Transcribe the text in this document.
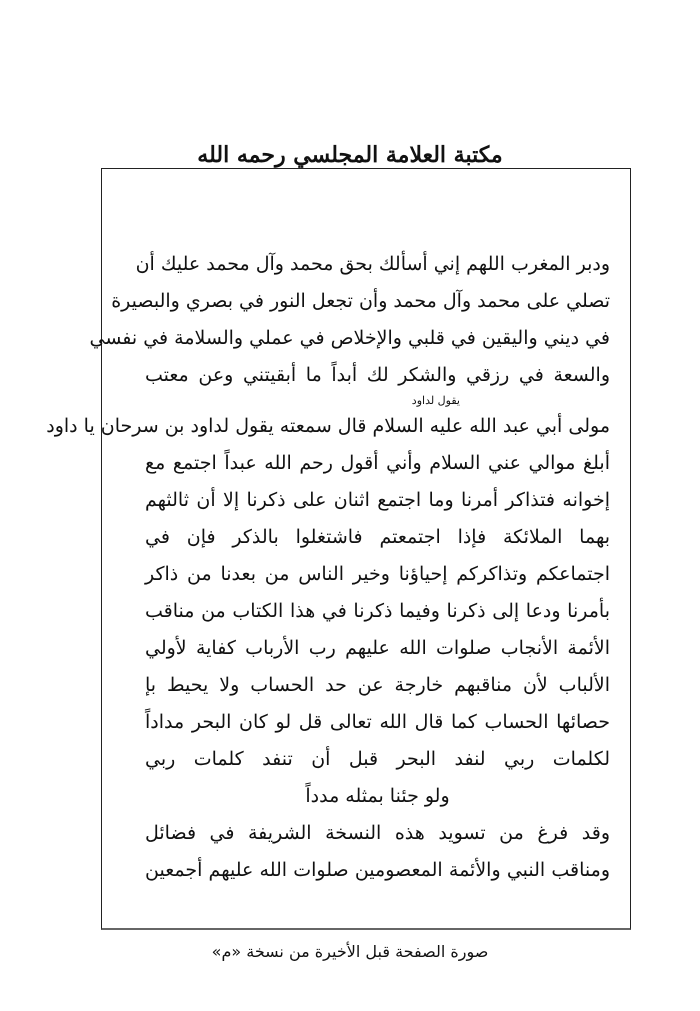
مكتبة العلامة المجلسي رحمه الله
ودبر المغرب اللهم إني أسألك بحق محمد وآل محمد عليك أن
تصلي على محمد وآل محمد وأن تجعل النور في بصري والبصيرة
في ديني واليقين في قلبي والإخلاص في عملي والسلامة في نفسي
والسعة في رزقي والشكر لك أبداً ما أبقيتني وعن معتب
يقول لداود
مولى أبي عبد الله عليه السلام قال سمعته يقول لداود بن سرحان يا داود
أبلغ موالي عني السلام وأني أقول رحم الله عبداً اجتمع مع
إخوانه فتذاكر أمرنا وما اجتمع اثنان على ذكرنا إلا أن ثالثهم
بهما الملائكة فإذا اجتمعتم فاشتغلوا بالذكر فإن في
اجتماعكم وتذاكركم إحياؤنا وخير الناس من بعدنا من ذاكر
بأمرنا ودعا إلى ذكرنا وفيما ذكرنا في هذا الكتاب من مناقب
الأئمة الأنجاب صلوات الله عليهم رب الأرباب كفاية لأولي
الألباب لأن مناقبهم خارجة عن حد الحساب ولا يحيط بإ
حصائها الحساب كما قال الله تعالى قل لو كان البحر مداداً
لكلمات ربي لنفد البحر قبل أن تنفد كلمات ربي
ولو جئنا بمثله مدداً
وقد فرغ من تسويد هذه النسخة الشريفة في فضائل
ومناقب النبي والأئمة المعصومين صلوات الله عليهم أجمعين
صورة الصفحة قبل الأخيرة من نسخة «م»
